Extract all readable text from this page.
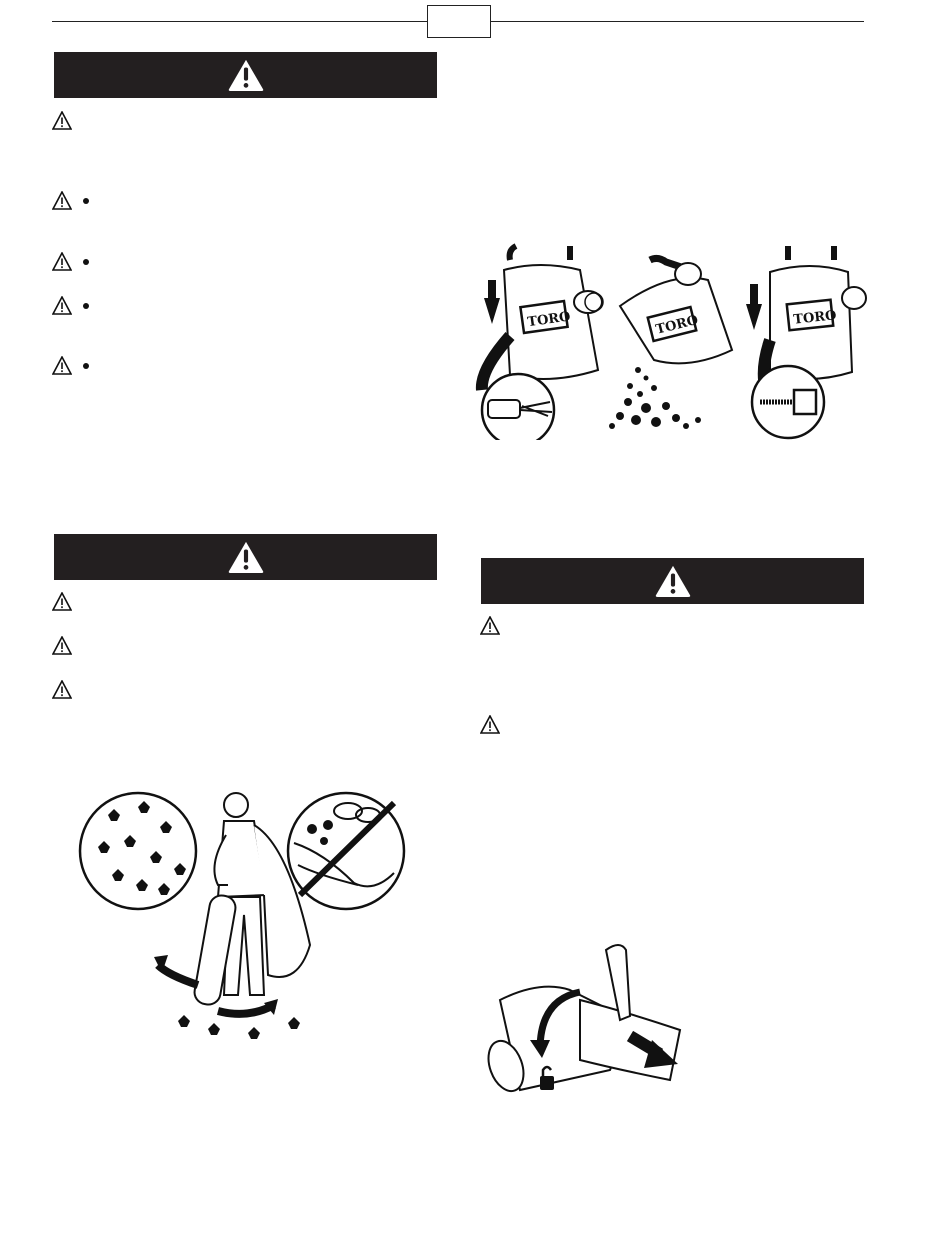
TORO	TORO	TORO
